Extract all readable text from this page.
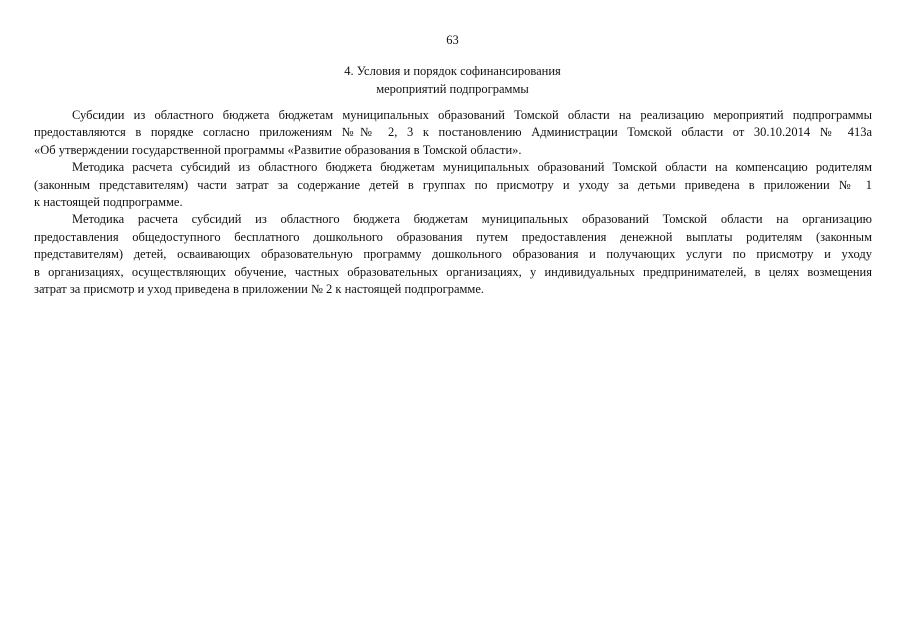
63
4. Условия и порядок софинансирования
мероприятий подпрограммы
Субсидии из областного бюджета бюджетам муниципальных образований Томской области на реализацию мероприятий подпрограммы
предоставляются в порядке согласно приложениям №№ 2, 3 к постановлению Администрации Томской области от 30.10.2014 № 413а
«Об утверждении государственной программы «Развитие образования в Томской области».
Методика расчета субсидий из областного бюджета бюджетам муниципальных образований Томской области на компенсацию родителям
(законным представителям) части затрат за содержание детей в группах по присмотру и уходу за детьми приведена в приложении № 1
к настоящей подпрограмме.
Методика расчета субсидий из областного бюджета бюджетам муниципальных образований Томской области на организацию
предоставления общедоступного бесплатного дошкольного образования путем предоставления денежной выплаты родителям (законным
представителям) детей, осваивающих образовательную программу дошкольного образования и получающих услуги по присмотру и уходу
в организациях, осуществляющих обучение, частных образовательных организациях, у индивидуальных предпринимателей, в целях возмещения
затрат за присмотр и уход приведена в приложении № 2 к настоящей подпрограмме.
